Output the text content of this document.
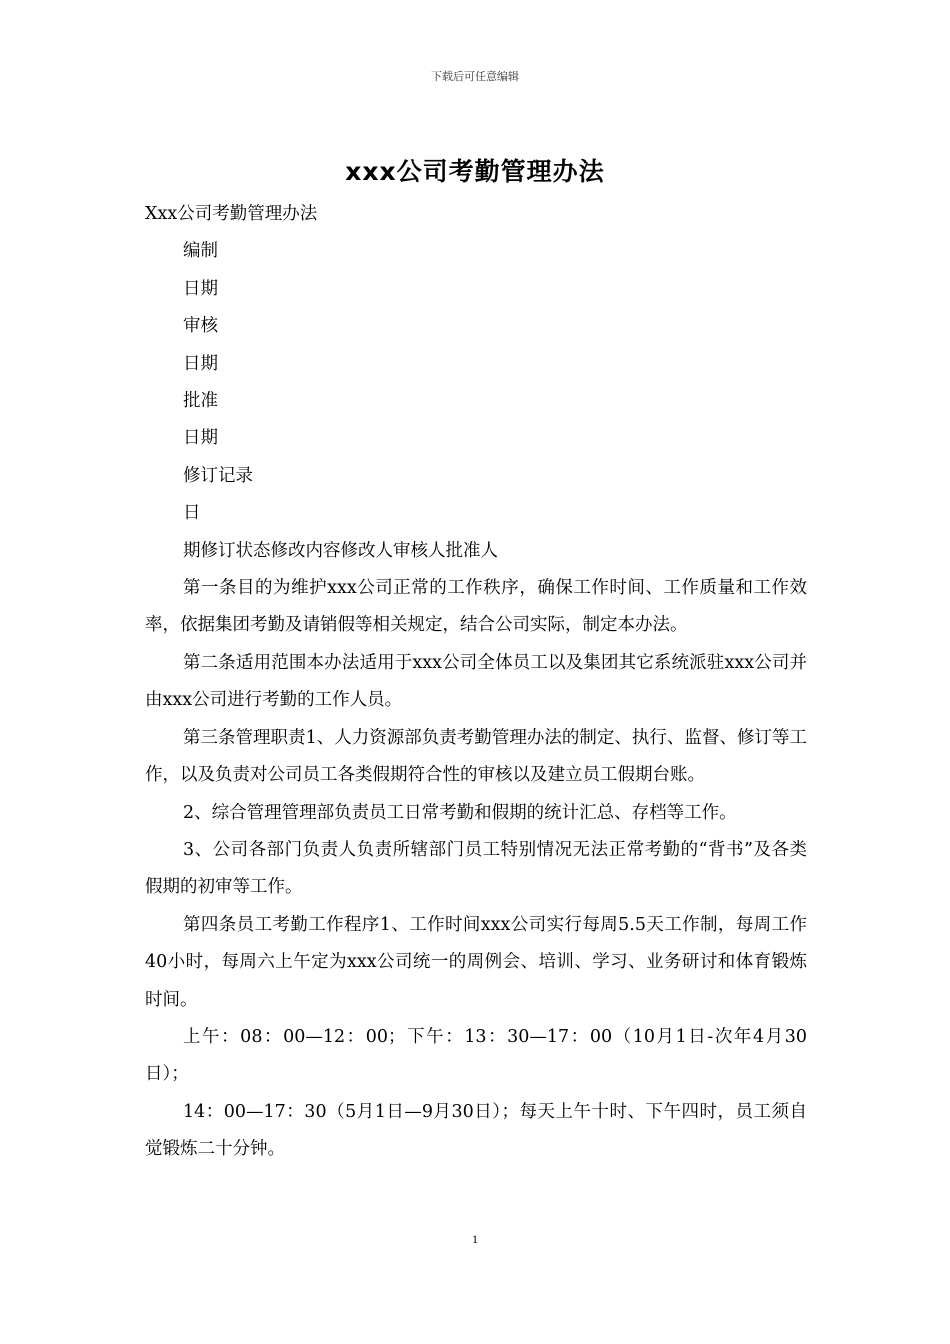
下载后可任意编辑
xxx公司考勤管理办法

Xxx公司考勤管理办法

编制

日期

审核

日期

批准

日期

修订记录

日

期修订状态修改内容修改人审核人批准人

第一条目的为维护xxx公司正常的工作秩序，确保工作时间、工作质量和工作效率，依据集团考勤及请销假等相关规定，结合公司实际，制定本办法。

第二条适用范围本办法适用于xxx公司全体员工以及集团其它系统派驻xxx公司并由xxx公司进行考勤的工作人员。

第三条管理职责1、人力资源部负责考勤管理办法的制定、执行、监督、修订等工作，以及负责对公司员工各类假期符合性的审核以及建立员工假期台账。

2、综合管理管理部负责员工日常考勤和假期的统计汇总、存档等工作。

3、公司各部门负责人负责所辖部门员工特别情况无法正常考勤的“背书”及各类假期的初审等工作。

第四条员工考勤工作程序1、工作时间xxx公司实行每周5.5天工作制，每周工作40小时，每周六上午定为xxx公司统一的周例会、培训、学习、业务研讨和体育锻炼时间。

上午：08：00—12：00；下午：13：30—17：00（10月1日-次年4月30日）；

14：00—17：30（5月1日—9月30日）；每天上午十时、下午四时，员工须自觉锻炼二十分钟。

1
